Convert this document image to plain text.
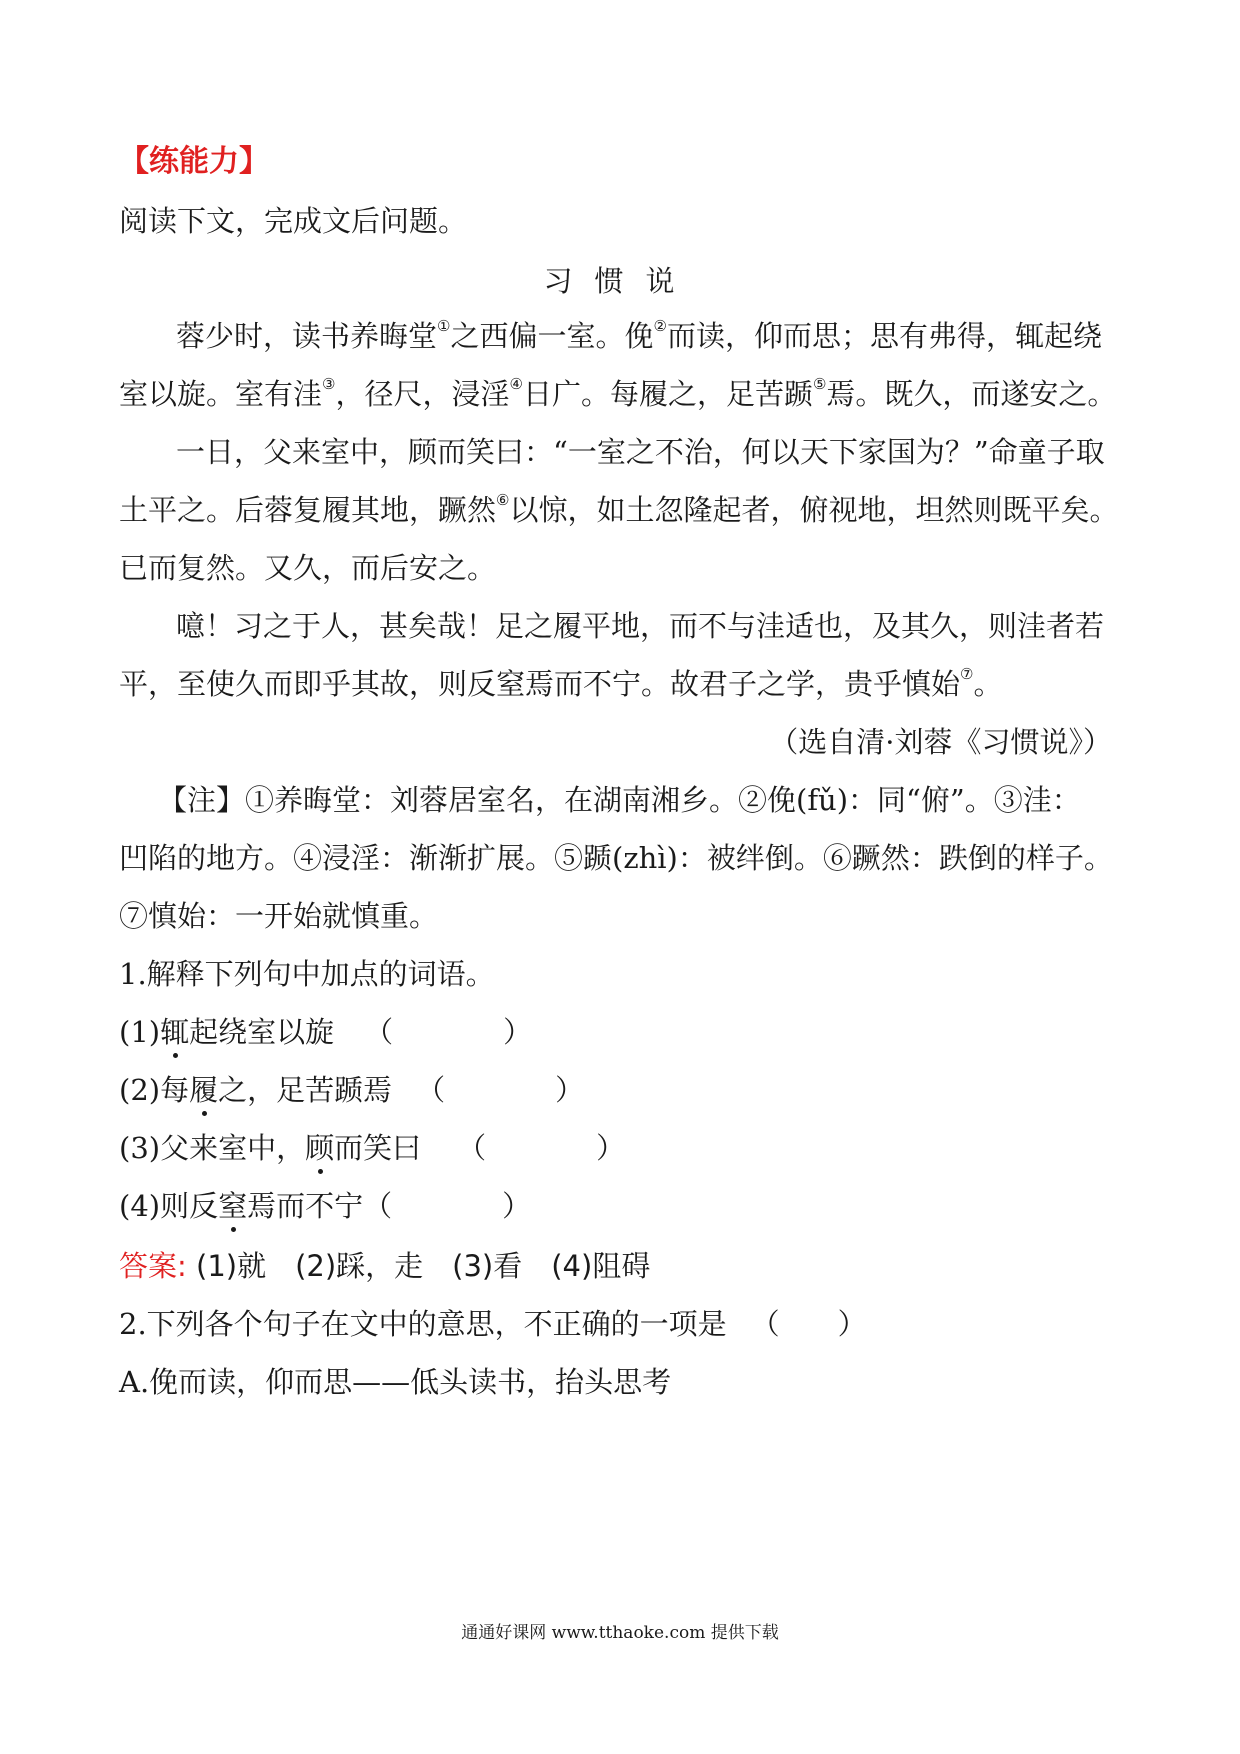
【练能力】
阅读下文，完成文后问题。
习惯说
蓉少时，读书养晦堂①之西偏一室。俛②而读，仰而思；思有弗得，辄起绕
室以旋。室有洼③，径尺，浸淫④日广。每履之，足苦踬⑤焉。既久，而遂安之。
一日，父来室中，顾而笑曰：“一室之不治，何以天下家国为？”命童子取
土平之。后蓉复履其地，蹶然⑥以惊，如土忽隆起者，俯视地，坦然则既平矣。
已而复然。又久，而后安之。
噫！习之于人，甚矣哉！足之履平地，而不与洼适也，及其久，则洼者若
平，至使久而即乎其故，则反窒焉而不宁。故君子之学，贵乎慎始⑦。
（选自清·刘蓉《习惯说》）
【注】①养晦堂：刘蓉居室名，在湖南湘乡。②俛(fǔ)：同“俯”。③洼：
凹陷的地方。④浸淫：渐渐扩展。⑤踬(zhì)：被绊倒。⑥蹶然：跌倒的样子。
⑦慎始：一开始就慎重。
1.解释下列句中加点的词语。
(1)辄起绕室以旋 （	）
(2)每履之，足苦踬焉 （	）
(3)父来室中，顾而笑曰 （	）
(4)则反窒焉而不宁（	）
答案: (1)就　(2)踩，走　(3)看　(4)阻碍
2.下列各个句子在文中的意思，不正确的一项是 （　　）
A.俛而读，仰而思——低头读书，抬头思考
通通好课网 www.tthaoke.com 提供下载
